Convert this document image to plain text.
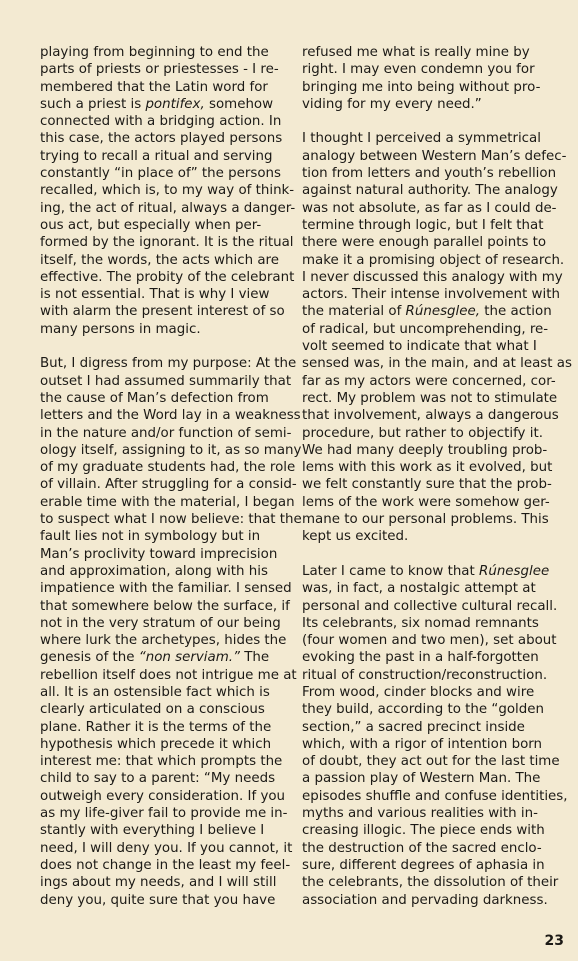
playing from beginning to end the
parts of priests or priestesses - I re-
membered that the Latin word for
such a priest is pontifex, somehow
connected with a bridging action. In
this case, the actors played persons
trying to recall a ritual and serving
constantly “in place of” the persons
recalled, which is, to my way of think-
ing, the act of ritual, always a danger-
ous act, but especially when per-
formed by the ignorant. It is the ritual
itself, the words, the acts which are
effective. The probity of the celebrant
is not essential. That is why I view
with alarm the present interest of so
many persons in magic.
But, I digress from my purpose: At the
outset I had assumed summarily that
the cause of Man’s defection from
letters and the Word lay in a weakness
in the nature and/or function of semi-
ology itself, assigning to it, as so many
of my graduate students had, the role
of villain. After struggling for a consid-
erable time with the material, I began
to suspect what I now believe: that the
fault lies not in symbology but in
Man’s proclivity toward imprecision
and approximation, along with his
impatience with the familiar. I sensed
that somewhere below the surface, if
not in the very stratum of our being
where lurk the archetypes, hides the
genesis of the “non serviam.” The
rebellion itself does not intrigue me at
all. It is an ostensible fact which is
clearly articulated on a conscious
plane. Rather it is the terms of the
hypothesis which precede it which
interest me: that which prompts the
child to say to a parent: “My needs
outweigh every consideration. If you
as my life-giver fail to provide me in-
stantly with everything I believe I
need, I will deny you. If you cannot, it
does not change in the least my feel-
ings about my needs, and I will still
deny you, quite sure that you have
refused me what is really mine by
right. I may even condemn you for
bringing me into being without pro-
viding for my every need.”
I thought I perceived a symmetrical
analogy between Western Man’s defec-
tion from letters and youth’s rebellion
against natural authority. The analogy
was not absolute, as far as I could de-
termine through logic, but I felt that
there were enough parallel points to
make it a promising object of research.
I never discussed this analogy with my
actors. Their intense involvement with
the material of Rúnesglee, the action
of radical, but uncomprehending, re-
volt seemed to indicate that what I
sensed was, in the main, and at least as
far as my actors were concerned, cor-
rect. My problem was not to stimulate
that involvement, always a dangerous
procedure, but rather to objectify it.
We had many deeply troubling prob-
lems with this work as it evolved, but
we felt constantly sure that the prob-
lems of the work were somehow ger-
mane to our personal problems. This
kept us excited.
Later I came to know that Rúnesglee
was, in fact, a nostalgic attempt at
personal and collective cultural recall.
Its celebrants, six nomad remnants
(four women and two men), set about
evoking the past in a half-forgotten
ritual of construction/reconstruction.
From wood, cinder blocks and wire
they build, according to the “golden
section,” a sacred precinct inside
which, with a rigor of intention born
of doubt, they act out for the last time
a passion play of Western Man. The
episodes shuffle and confuse identities,
myths and various realities with in-
creasing illogic. The piece ends with
the destruction of the sacred enclo-
sure, different degrees of aphasia in
the celebrants, the dissolution of their
association and pervading darkness.
23
